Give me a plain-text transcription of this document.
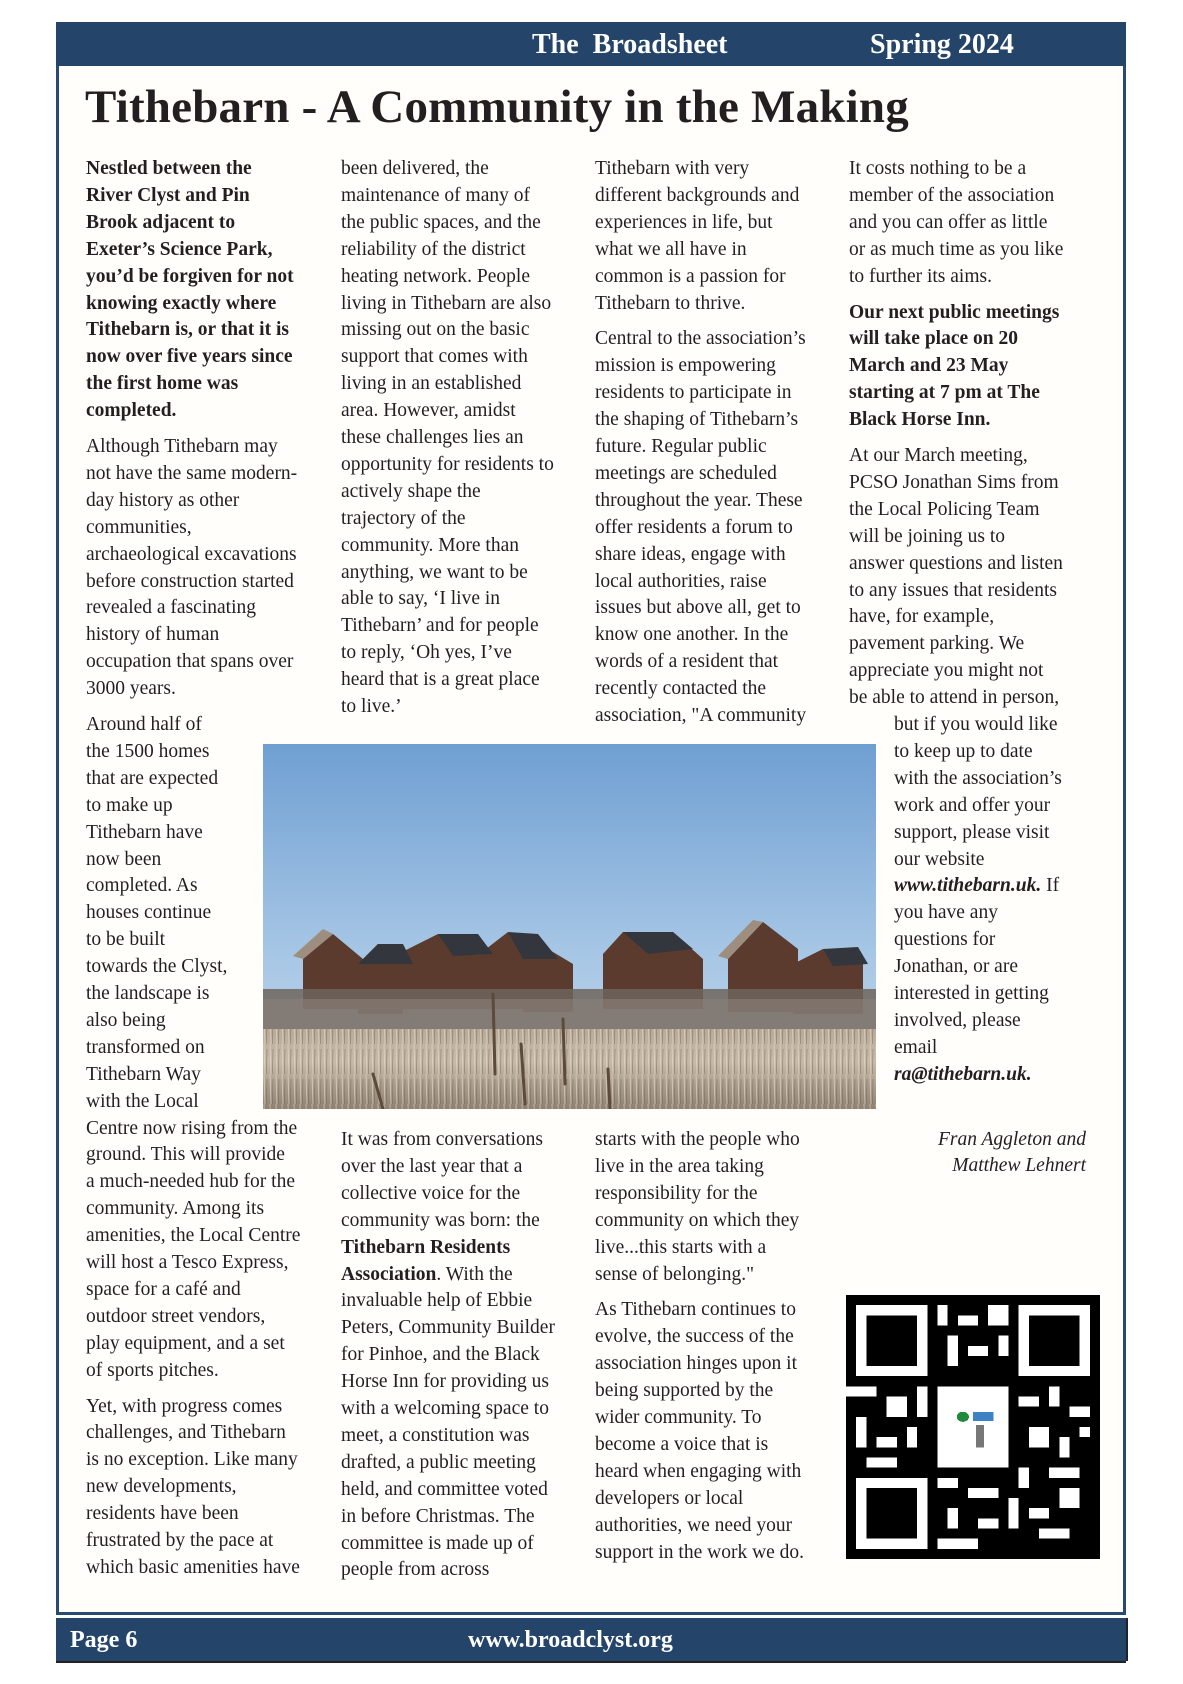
The  Broadsheet	Spring 2024
Tithebarn - A Community in the Making
Nestled between the
River Clyst and Pin
Brook adjacent to
Exeter’s Science Park,
you’d be forgiven for not
knowing exactly where
Tithebarn is, or that it is
now over five years since
the first home was
completed.
Although Tithebarn may
not have the same modern-
day history as other
communities,
archaeological excavations
before construction started
revealed a fascinating
history of human
occupation that spans over
3000 years.
Around half of
the 1500 homes
that are expected
to make up
Tithebarn have
now been
completed. As
houses continue
to be built
towards the Clyst,
the landscape is
also being
transformed on
Tithebarn Way
with the Local
Centre now rising from the
ground. This will provide
a much-needed hub for the
community. Among its
amenities, the Local Centre
will host a Tesco Express,
space for a café and
outdoor street vendors,
play equipment, and a set
of sports pitches.
Yet, with progress comes
challenges, and Tithebarn
is no exception. Like many
new developments,
residents have been
frustrated by the pace at
which basic amenities have
been delivered, the
maintenance of many of
the public spaces, and the
reliability of the district
heating network. People
living in Tithebarn are also
missing out on the basic
support that comes with
living in an established
area. However, amidst
these challenges lies an
opportunity for residents to
actively shape the
trajectory of the
community. More than
anything, we want to be
able to say, ‘I live in
Tithebarn’ and for people
to reply, ‘Oh yes, I’ve
heard that is a great place
to live.’
It was from conversations
over the last year that a
collective voice for the
community was born: the
Tithebarn Residents
Association. With the
invaluable help of Ebbie
Peters, Community Builder
for Pinhoe, and the Black
Horse Inn for providing us
with a welcoming space to
meet, a constitution was
drafted, a public meeting
held, and committee voted
in before Christmas. The
committee is made up of
people from across
Tithebarn with very
different backgrounds and
experiences in life, but
what we all have in
common is a passion for
Tithebarn to thrive.
Central to the association’s
mission is empowering
residents to participate in
the shaping of Tithebarn’s
future. Regular public
meetings are scheduled
throughout the year. These
offer residents a forum to
share ideas, engage with
local authorities, raise
issues but above all, get to
know one another. In the
words of a resident that
recently contacted the
association, "A community
starts with the people who
live in the area taking
responsibility for the
community on which they
live...this starts with a
sense of belonging."
As Tithebarn continues to
evolve, the success of the
association hinges upon it
being supported by the
wider community. To
become a voice that is
heard when engaging with
developers or local
authorities, we need your
support in the work we do.
It costs nothing to be a
member of the association
and you can offer as little
or as much time as you like
to further its aims.
Our next public meetings
will take place on 20
March and 23 May
starting at 7 pm at The
Black Horse Inn.
At our March meeting,
PCSO Jonathan Sims from
the Local Policing Team
will be joining us to
answer questions and listen
to any issues that residents
have, for example,
pavement parking. We
appreciate you might not
be able to attend in person,
but if you would like
to keep up to date
with the association’s
work and offer your
support, please visit
our website
www.tithebarn.uk. If
you have any
questions for
Jonathan, or are
interested in getting
involved, please
email
ra@tithebarn.uk.
Fran Aggleton and
Matthew Lehnert
Page 6	www.broadclyst.org
